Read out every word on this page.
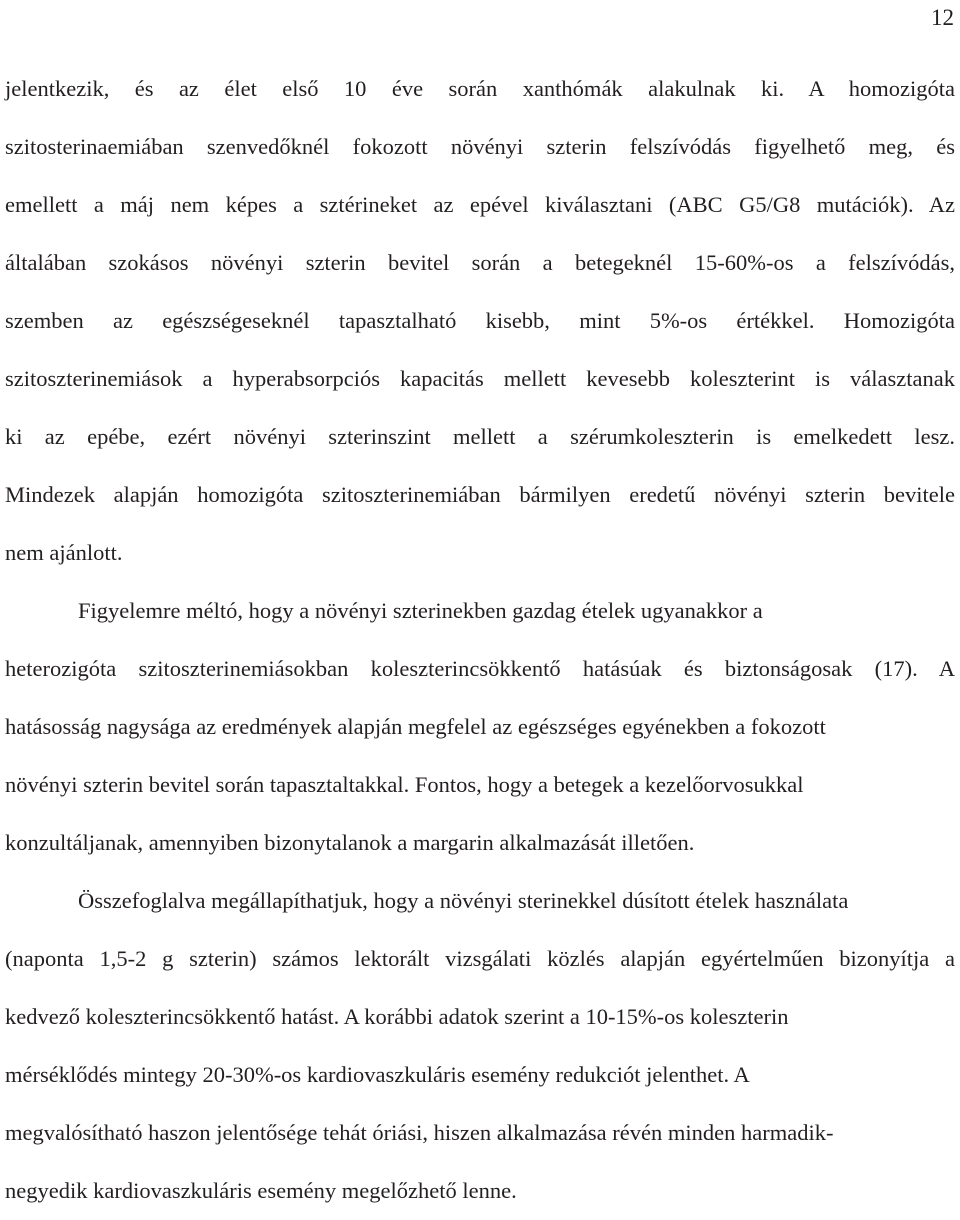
12
jelentkezik, és az élet első 10 éve során xanthómák alakulnak ki. A homozigóta
szitosterinaemiában szenvedőknél fokozott növényi szterin felszívódás figyelhető meg, és
emellett a máj nem képes a sztérineket az epével kiválasztani (ABC G5/G8 mutációk). Az
általában szokásos növényi szterin bevitel során a betegeknél 15-60%-os a felszívódás,
szemben az egészségeseknél tapasztalható kisebb, mint 5%-os értékkel. Homozigóta
szitoszterinemiások a hyperabsorpciós kapacitás mellett kevesebb koleszterint is választanak
ki az epébe, ezért növényi szterinszint mellett a szérumkoleszterin is emelkedett lesz.
Mindezek alapján homozigóta szitoszterinemiában bármilyen eredetű növényi szterin bevitele
nem ajánlott.
Figyelemre méltó, hogy a növényi szterinekben gazdag ételek ugyanakkor a
heterozigóta szitoszterinemiásokban koleszterincsökkentő hatásúak és biztonságosak (17). A
hatásosság nagysága az eredmények alapján megfelel az egészséges egyénekben a fokozott
növényi szterin bevitel során tapasztaltakkal. Fontos, hogy a betegek a kezelőorvosukkal
konzultáljanak, amennyiben bizonytalanok a margarin alkalmazását illetően.
Összefoglalva megállapíthatjuk, hogy a növényi sterinekkel dúsított ételek használata
(naponta 1,5-2 g szterin) számos lektorált vizsgálati közlés alapján egyértelműen bizonyítja a
kedvező koleszterincsökkentő hatást. A korábbi adatok szerint a 10-15%-os koleszterin
mérséklődés mintegy 20-30%-os kardiovaszkuláris esemény redukciót jelenthet. A
megvalósítható haszon jelentősége tehát óriási, hiszen alkalmazása révén minden harmadik-
negyedik kardiovaszkuláris esemény megelőzhető lenne.
